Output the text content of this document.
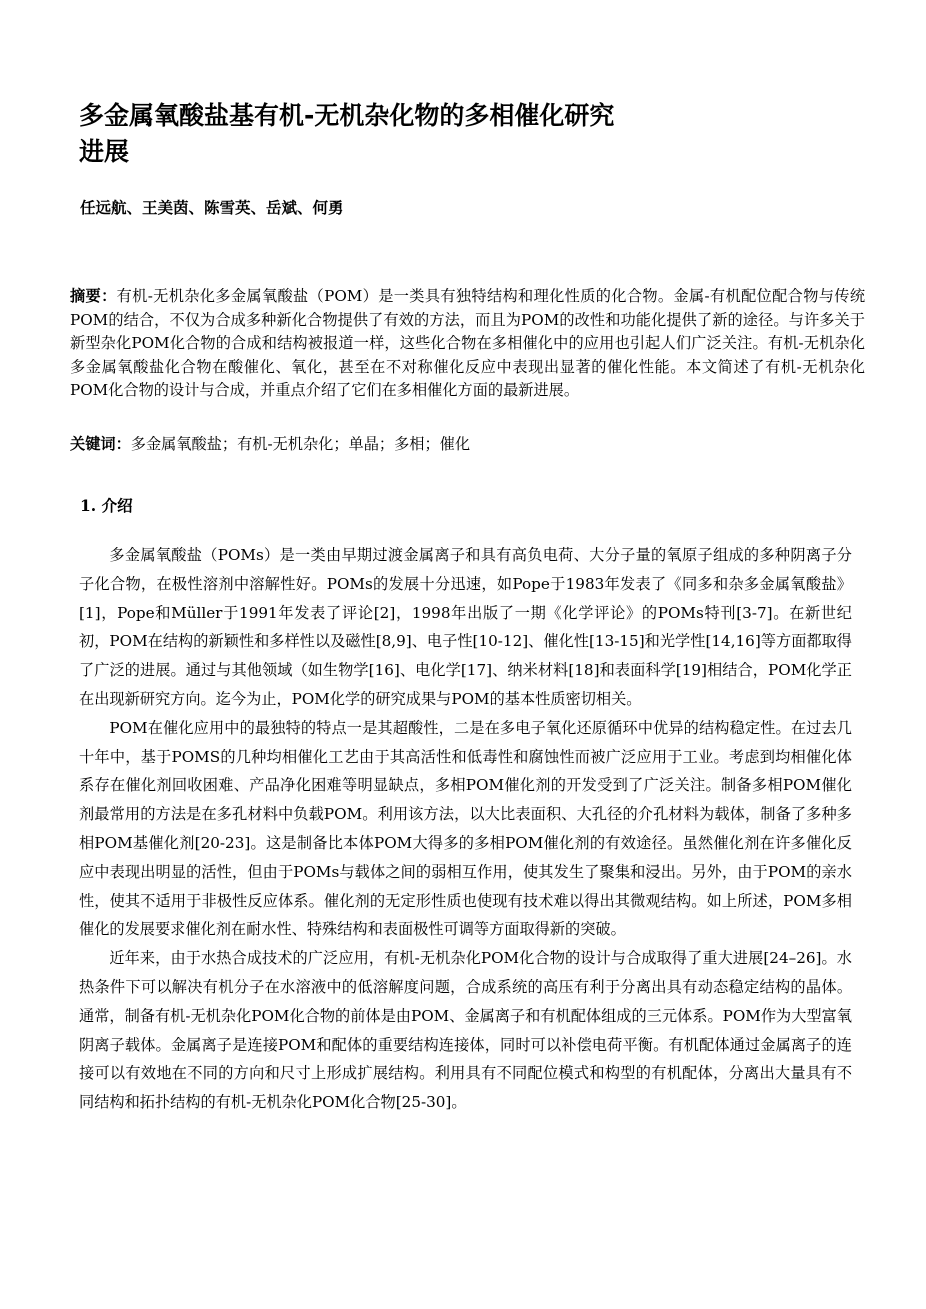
多金属氧酸盐基有机-无机杂化物的多相催化研究
进展

任远航、王美茵、陈雪英、岳斌、何勇

摘要：有机-无机杂化多金属氧酸盐（POM）是一类具有独特结构和理化性质的化合物。金属-有机配位配合物与传统POM的结合，不仅为合成多种新化合物提供了有效的方法，而且为POM的改性和功能化提供了新的途径。与许多关于新型杂化POM化合物的合成和结构被报道一样，这些化合物在多相催化中的应用也引起人们广泛关注。有机-无机杂化多金属氧酸盐化合物在酸催化、氧化，甚至在不对称催化反应中表现出显著的催化性能。本文简述了有机-无机杂化POM化合物的设计与合成，并重点介绍了它们在多相催化方面的最新进展。

关键词：多金属氧酸盐；有机-无机杂化；单晶；多相；催化

1. 介绍

多金属氧酸盐（POMs）是一类由早期过渡金属离子和具有高负电荷、大分子量的氧原子组成的多种阴离子分子化合物，在极性溶剂中溶解性好。POMs的发展十分迅速，如Pope于1983年发表了《同多和杂多金属氧酸盐》[1]，Pope和Müller于1991年发表了评论[2]，1998年出版了一期《化学评论》的POMs特刊[3-7]。在新世纪初，POM在结构的新颖性和多样性以及磁性[8,9]、电子性[10-12]、催化性[13-15]和光学性[14,16]等方面都取得了广泛的进展。通过与其他领域（如生物学[16]、电化学[17]、纳米材料[18]和表面科学[19]相结合，POM化学正在出现新研究方向。迄今为止，POM化学的研究成果与POM的基本性质密切相关。

POM在催化应用中的最独特的特点一是其超酸性，二是在多电子氧化还原循环中优异的结构稳定性。在过去几十年中，基于POMS的几种均相催化工艺由于其高活性和低毒性和腐蚀性而被广泛应用于工业。考虑到均相催化体系存在催化剂回收困难、产品净化困难等明显缺点，多相POM催化剂的开发受到了广泛关注。制备多相POM催化剂最常用的方法是在多孔材料中负载POM。利用该方法，以大比表面积、大孔径的介孔材料为载体，制备了多种多相POM基催化剂[20-23]。这是制备比本体POM大得多的多相POM催化剂的有效途径。虽然催化剂在许多催化反应中表现出明显的活性，但由于POMs与载体之间的弱相互作用，使其发生了聚集和浸出。另外，由于POM的亲水性，使其不适用于非极性反应体系。催化剂的无定形性质也使现有技术难以得出其微观结构。如上所述，POM多相催化的发展要求催化剂在耐水性、特殊结构和表面极性可调等方面取得新的突破。

近年来，由于水热合成技术的广泛应用，有机-无机杂化POM化合物的设计与合成取得了重大进展[24–26]。水热条件下可以解决有机分子在水溶液中的低溶解度问题，合成系统的高压有利于分离出具有动态稳定结构的晶体。通常，制备有机-无机杂化POM化合物的前体是由POM、金属离子和有机配体组成的三元体系。POM作为大型富氧阴离子载体。金属离子是连接POM和配体的重要结构连接体，同时可以补偿电荷平衡。有机配体通过金属离子的连接可以有效地在不同的方向和尺寸上形成扩展结构。利用具有不同配位模式和构型的有机配体，分离出大量具有不同结构和拓扑结构的有机-无机杂化POM化合物[25-30]。
